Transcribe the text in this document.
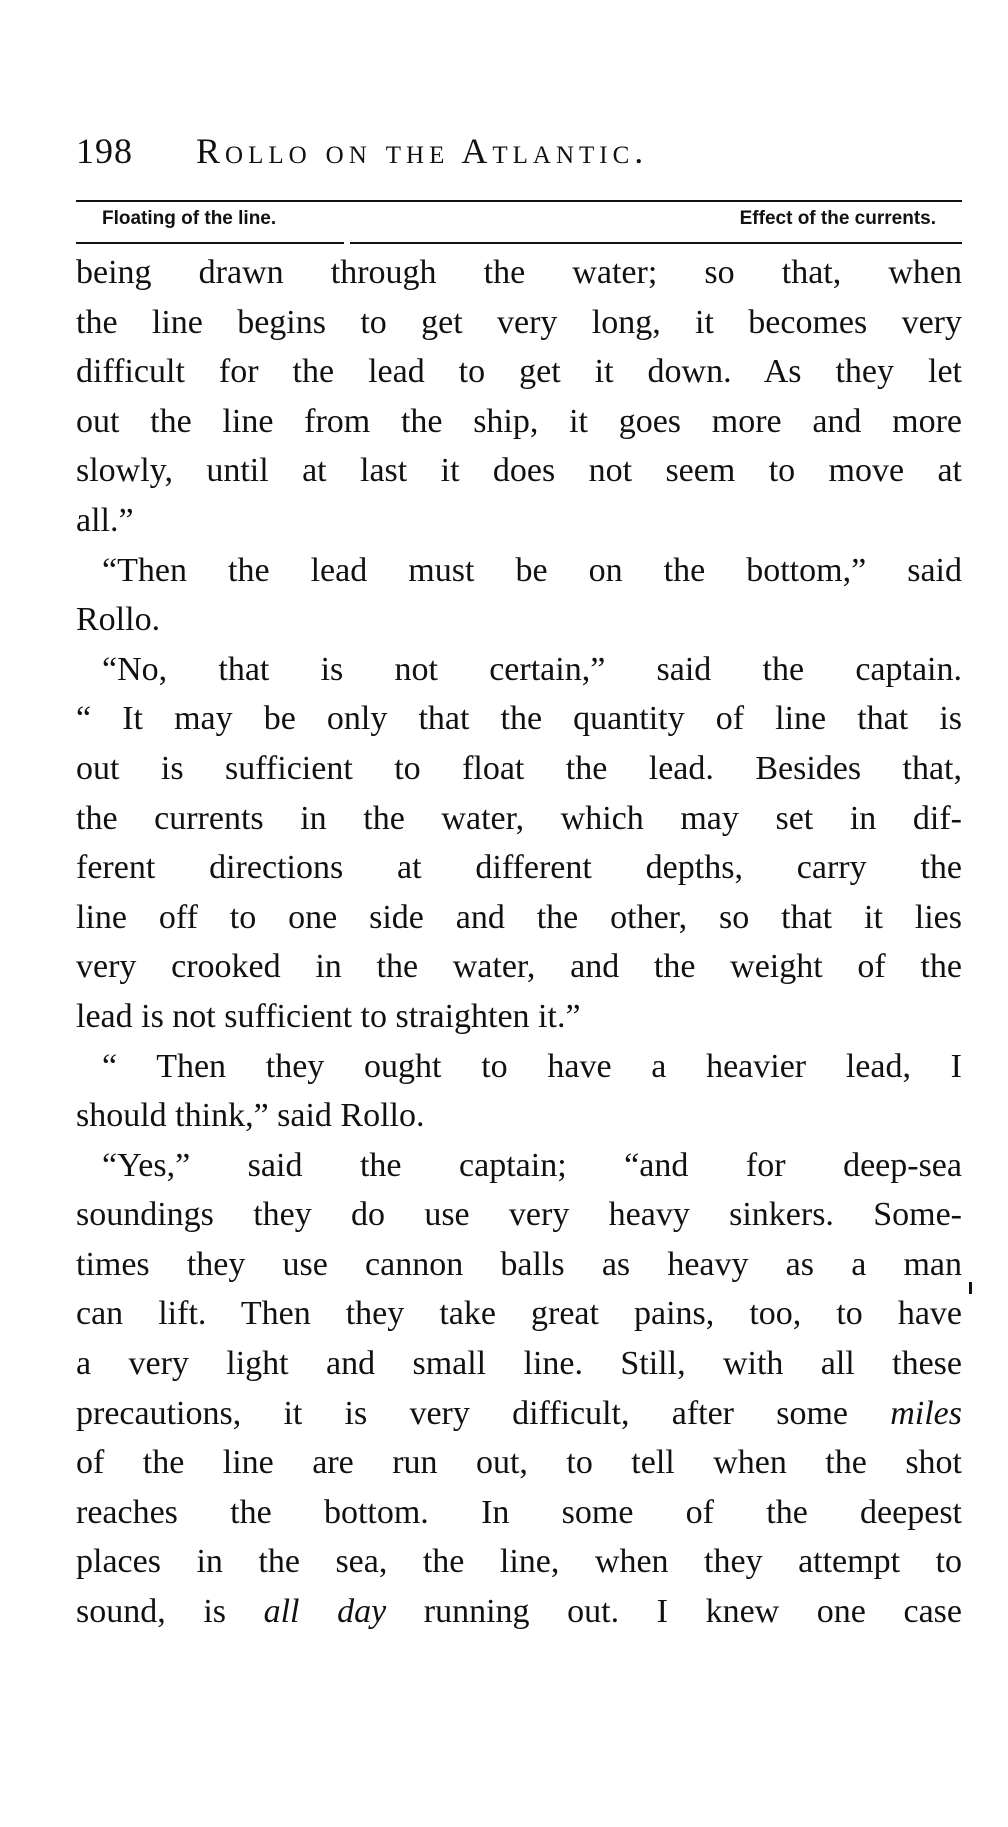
198	Rollo on the Atlantic.
Floating of the line.	Effect of the currents.
being drawn through the water; so that, when
the line begins to get very long, it becomes very
difficult for the lead to get it down. As they let
out the line from the ship, it goes more and more
slowly, until at last it does not seem to move at
all.”
“Then the lead must be on the bottom,” said
Rollo.
“No, that is not certain,” said the captain.
“ It may be only that the quantity of line that is
out is sufficient to float the lead. Besides that,
the currents in the water, which may set in dif-
ferent directions at different depths, carry the
line off to one side and the other, so that it lies
very crooked in the water, and the weight of the
lead is not sufficient to straighten it.”
“ Then they ought to have a heavier lead, I
should think,” said Rollo.
“Yes,” said the captain; “and for deep-sea
soundings they do use very heavy sinkers. Some-
times they use cannon balls as heavy as a man
can lift. Then they take great pains, too, to have
a very light and small line. Still, with all these
precautions, it is very difficult, after some miles
of the line are run out, to tell when the shot
reaches the bottom. In some of the deepest
places in the sea, the line, when they attempt to
sound, is all day running out. I knew one case
